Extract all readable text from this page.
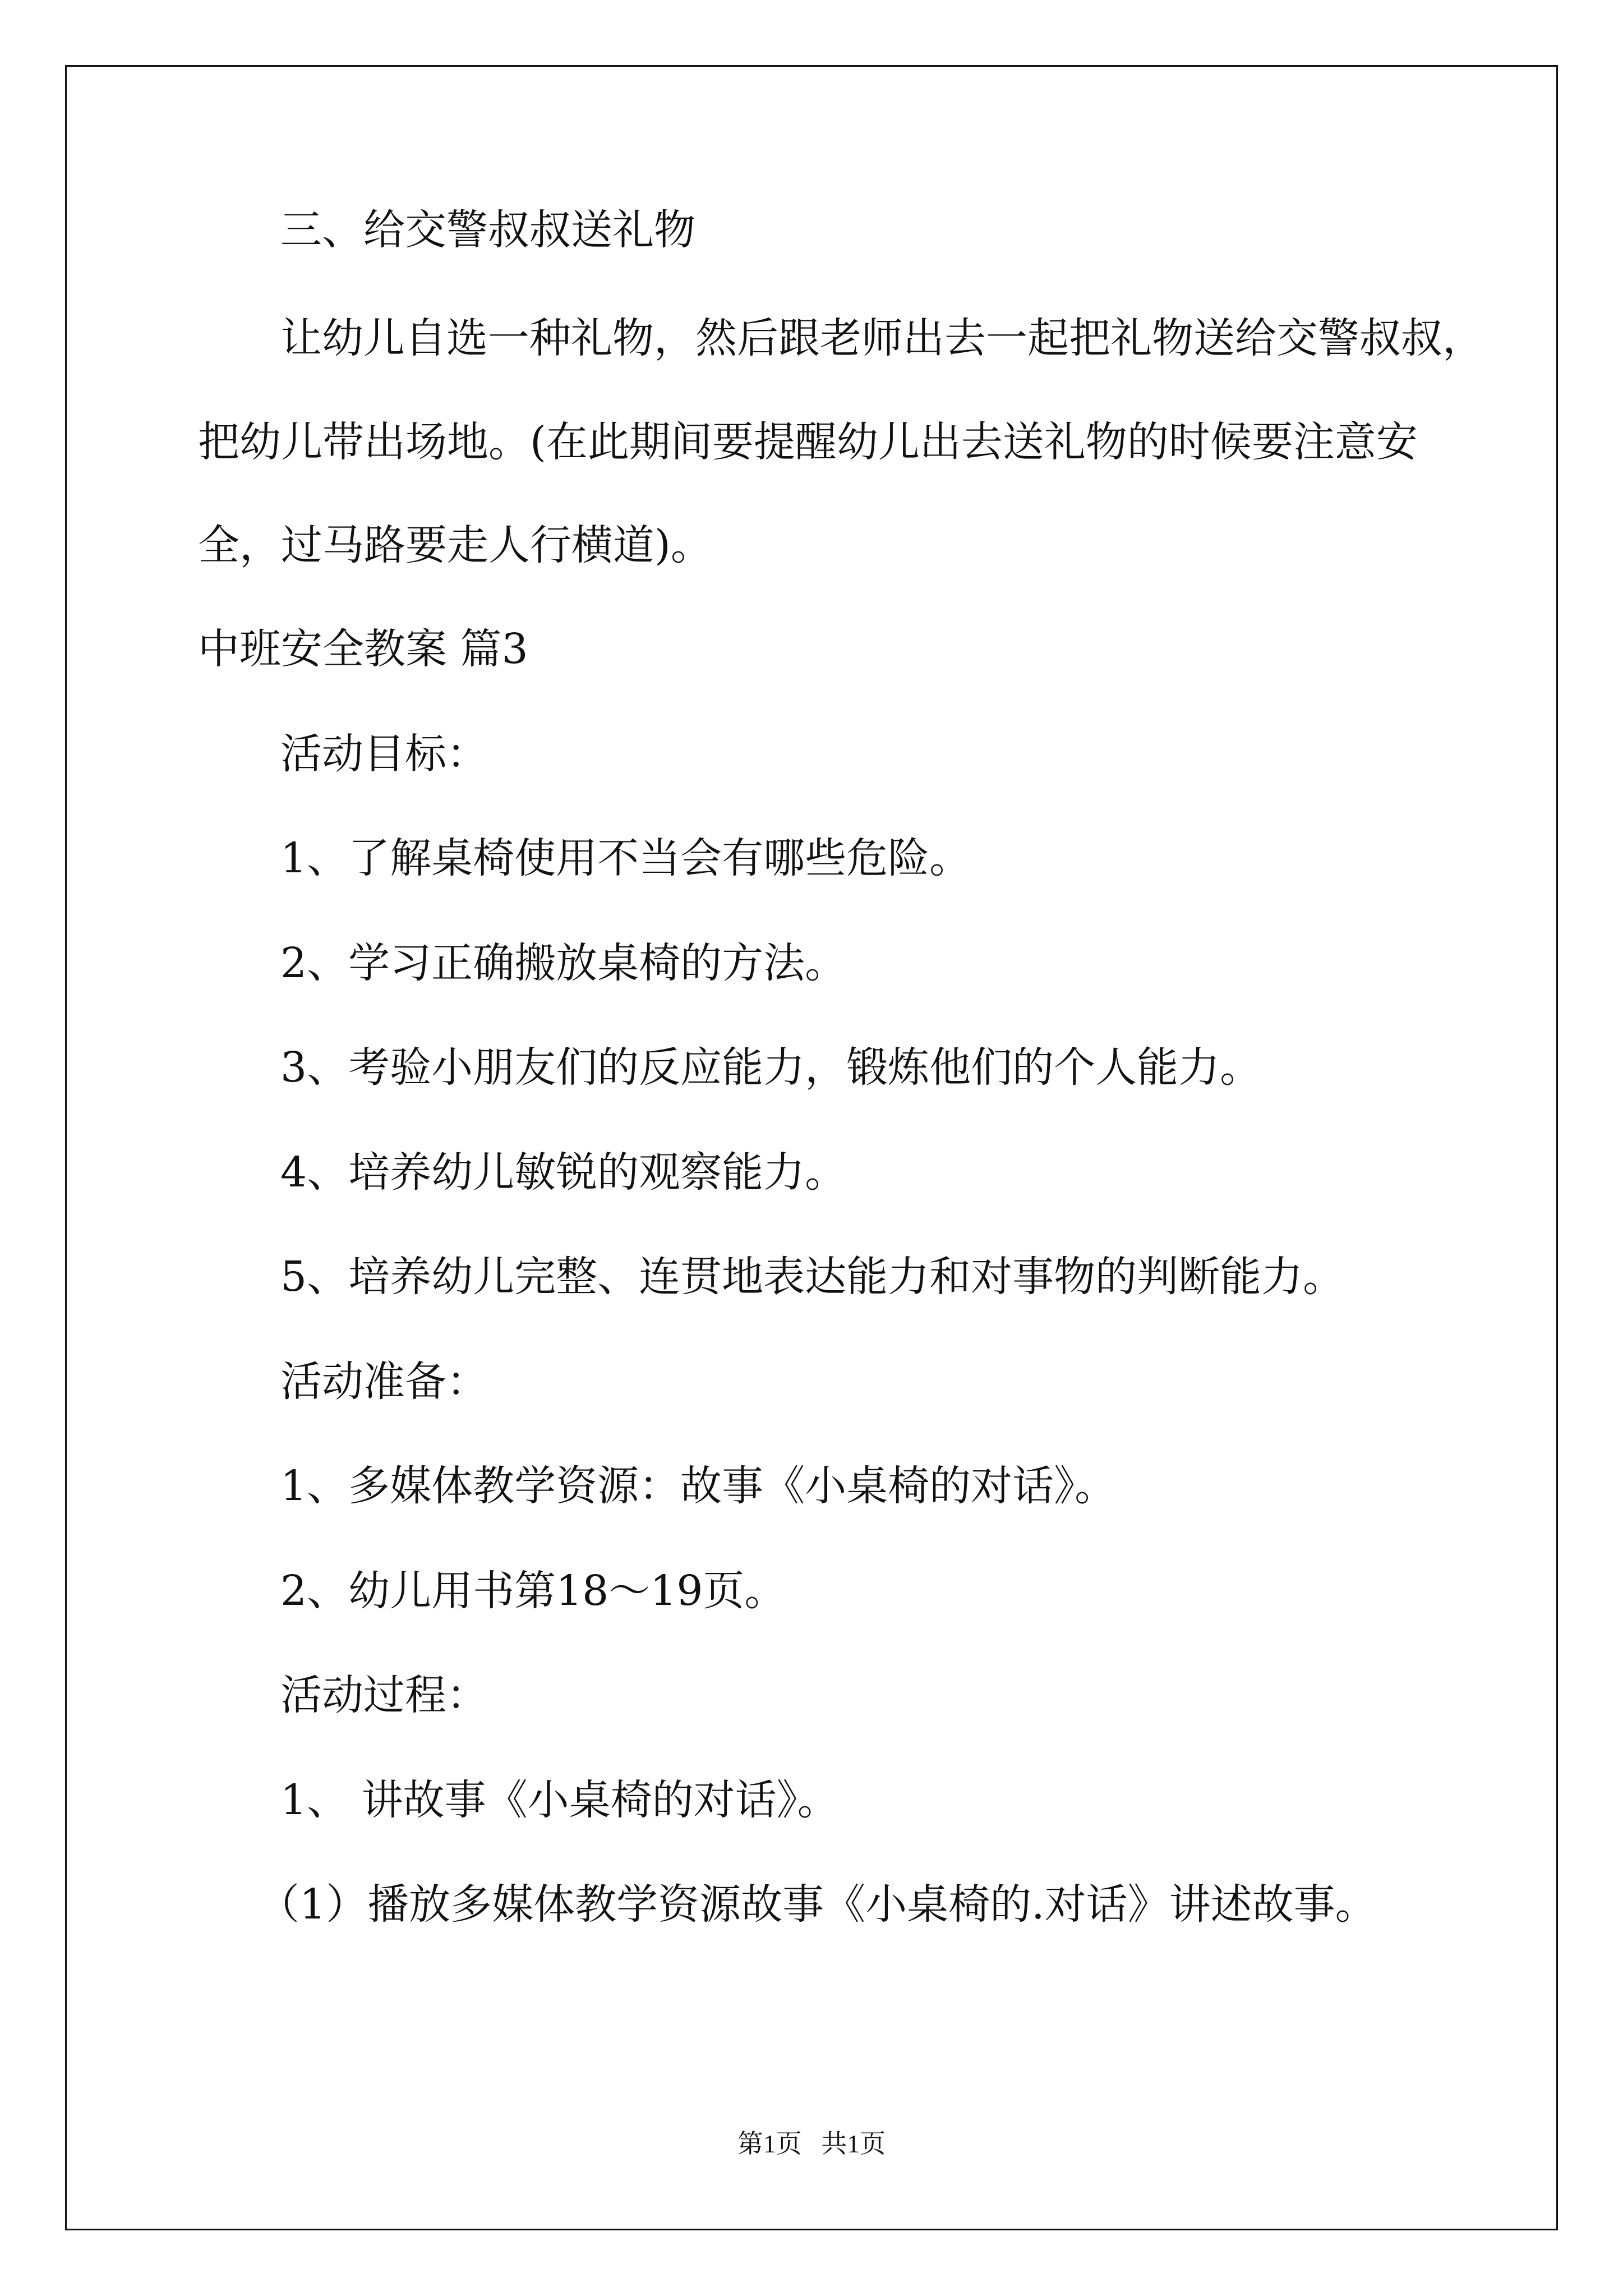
三、给交警叔叔送礼物

让幼儿自选一种礼物，然后跟老师出去一起把礼物送给交警叔叔，

把幼儿带出场地。(在此期间要提醒幼儿出去送礼物的时候要注意安

全，过马路要走人行横道)。

中班安全教案 篇3

活动目标：

1、了解桌椅使用不当会有哪些危险。

2、学习正确搬放桌椅的方法。

3、考验小朋友们的反应能力，锻炼他们的个人能力。

4、培养幼儿敏锐的观察能力。

5、培养幼儿完整、连贯地表达能力和对事物的判断能力。

活动准备：

1、多媒体教学资源：故事《小桌椅的对话》。

2、幼儿用书第18～19页。

活动过程：

1、 讲故事《小桌椅的对话》。

（1）播放多媒体教学资源故事《小桌椅的.对话》讲述故事。

第1页   共1页
